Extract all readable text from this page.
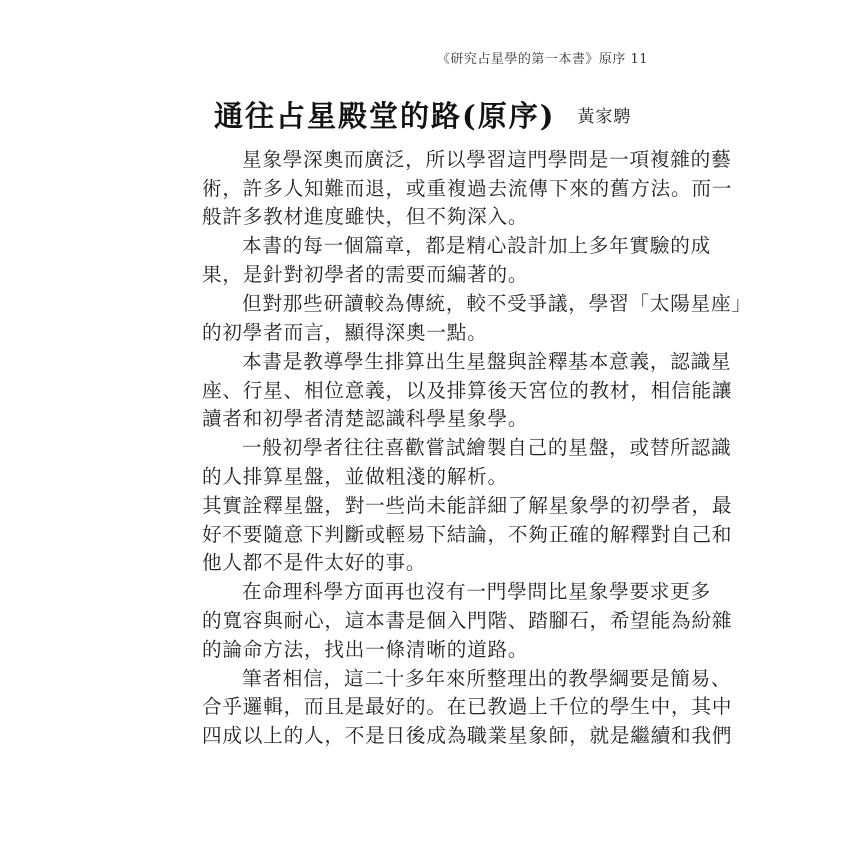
《研究占星學的第一本書》原序 11
通往占星殿堂的路(原序) 黃家騁
星象學深奧而廣泛，所以學習這門學問是一項複雜的藝
術，許多人知難而退，或重複過去流傳下來的舊方法。而一
般許多教材進度雖快，但不夠深入。
本書的每一個篇章，都是精心設計加上多年實驗的成
果，是針對初學者的需要而編著的。
但對那些研讀較為傳統，較不受爭議，學習「太陽星座」
的初學者而言，顯得深奧一點。
本書是教導學生排算出生星盤與詮釋基本意義，認識星
座、行星、相位意義，以及排算後天宮位的教材，相信能讓
讀者和初學者清楚認識科學星象學。
一般初學者往往喜歡嘗試繪製自己的星盤，或替所認識
的人排算星盤，並做粗淺的解析。
其實詮釋星盤，對一些尚未能詳細了解星象學的初學者，最
好不要隨意下判斷或輕易下結論，不夠正確的解釋對自己和
他人都不是件太好的事。
在命理科學方面再也沒有一門學問比星象學要求更多
的寬容與耐心，這本書是個入門階、踏腳石，希望能為紛雜
的論命方法，找出一條清晰的道路。
筆者相信，這二十多年來所整理出的教學綱要是簡易、
合乎邏輯，而且是最好的。在已教過上千位的學生中，其中
四成以上的人，不是日後成為職業星象師，就是繼續和我們
